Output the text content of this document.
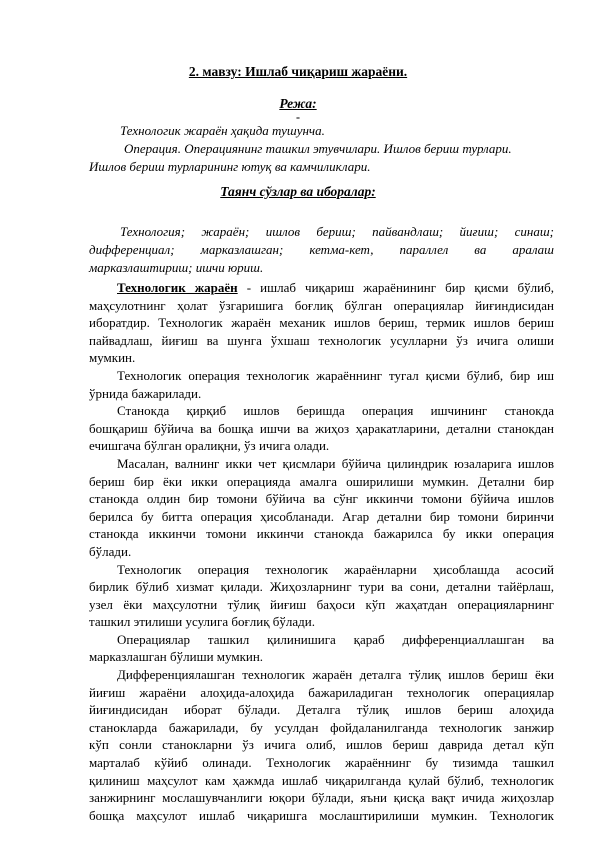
2. мавзу: Ишлаб чиқариш жараёни.
Режа:
-
Технологик жараён ҳақида тушунча.
Операция. Операциянинг ташкил этувчилари. Ишлов бериш турлари.
Ишлов бериш турларининг ютуқ ва камчиликлари.
Таянч сўзлар ва иборалар:
Технология; жараён; ишлов бериш; пайвандлаш; йиғиш; синаш;
дифференциал; марказлашган; кетма-кет, параллел ва аралаш
марказлаштириш; ишчи юриш.
Технологик жараён - ишлаб чиқариш жараёнининг бир қисми бўлиб,
маҳсулотнинг ҳолат ўзгаришига боғлиқ бўлган операциялар йиғиндисидан
иборатдир. Технологик жараён механик ишлов бериш, термик ишлов бериш
пайвадлаш, йиғиш ва шунга ўхшаш технологик усулларни ўз ичига олиши
мумкин.
Технологик операция технологик жараённинг тугал қисми бўлиб, бир иш
ўрнида бажарилади.
Станокда қирқиб ишлов беришда операция ишчининг станокда
бошқариш бўйича ва бошқа ишчи ва жиҳоз ҳаракатларини, детални станокдан
ечишгача бўлган оралиқни, ўз ичига олади.
Масалан, валнинг икки чет қисмлари бўйича цилиндрик юзаларига ишлов
бериш бир ёки икки операцияда амалга оширилиши мумкин. Детални бир
станокда олдин бир томони бўйича ва сўнг иккинчи томони бўйича ишлов
берилса бу битта операция ҳисобланади. Агар детални бир томони биринчи
станокда иккинчи томони иккинчи станокда бажарилса бу икки операция
бўлади.
Технологик операция технологик жараёнларни ҳисоблашда асосий
бирлик бўлиб хизмат қилади. Жиҳозларнинг тури ва сони, детални тайёрлаш,
узел ёки маҳсулотни тўлиқ йиғиш баҳоси кўп жаҳатдан операцияларнинг
ташкил этилиши усулига боғлиқ бўлади.
Операциялар ташкил қилинишига қараб дифференциаллашган ва
марказлашган бўлиши мумкин.
Дифференциялашган технологик жараён деталга тўлиқ ишлов бериш ёки
йиғиш жараёни алоҳида-алоҳида бажариладиган технологик операциялар
йиғиндисидан иборат бўлади. Деталга тўлиқ ишлов бериш алоҳида
станокларда бажарилади, бу усулдан фойдаланилганда технологик занжир
кўп сонли станокларни ўз ичига олиб, ишлов бериш даврида детал кўп
марталаб кўйиб олинади. Технологик жараённинг бу тизимда ташкил
қилиниш маҳсулот кам ҳажмда ишлаб чиқарилганда қулай бўлиб, технологик
занжирнинг мослашувчанлиги юқори бўлади, яъни қисқа вақт ичида жиҳозлар
бошқа маҳсулот ишлаб чиқаришга мослаштирилиши мумкин. Технологик
